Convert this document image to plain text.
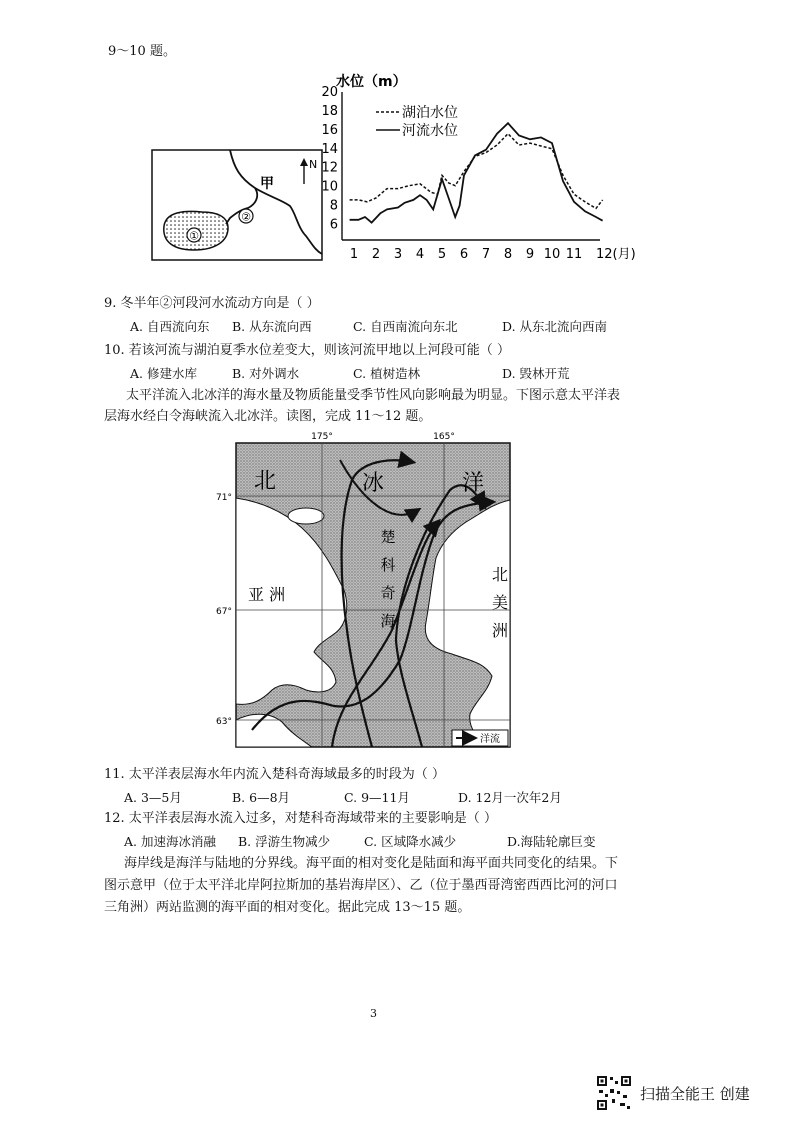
9～10 题。
①
②
甲
N
水位（m）
6
8
10
12
14
16
18
20
1 2 3 4 5 6 7 8 9 10 11 12(月)
湖泊水位
河流水位
9. 冬半年②河段河水流动方向是（ ）
A. 自西流向东 B. 从东流向西	C. 自西南流向东北	D. 从东北流向西南
10. 若该河流与湖泊夏季水位差变大，则该河流甲地以上河段可能（ ）
A. 修建水库	B. 对外调水	C. 植树造林	D. 毁林开荒
太平洋流入北冰洋的海水量及物质能量受季节性风向影响最为明显。下图示意太平洋表
层海水经白令海峡流入北冰洋。读图，完成 11～12 题。
175°	165°
71°
67°
63°
北	冰	洋
亚 洲
北
美
洲
楚
科
奇
海
洋流
11. 太平洋表层海水年内流入楚科奇海域最多的时段为（ ）
A. 3—5月	B. 6—8月	C. 9—11月	D. 12月一次年2月
12. 太平洋表层海水流入过多，对楚科奇海域带来的主要影响是（ ）
A. 加速海冰消融 B. 浮游生物减少	C. 区域降水减少	D.海陆轮廓巨变
海岸线是海洋与陆地的分界线。海平面的相对变化是陆面和海平面共同变化的结果。下
图示意甲（位于太平洋北岸阿拉斯加的基岩海岸区）、乙（位于墨西哥湾密西西比河的河口
三角洲）两站监测的海平面的相对变化。据此完成 13～15 题。
3
扫描全能王 创建
